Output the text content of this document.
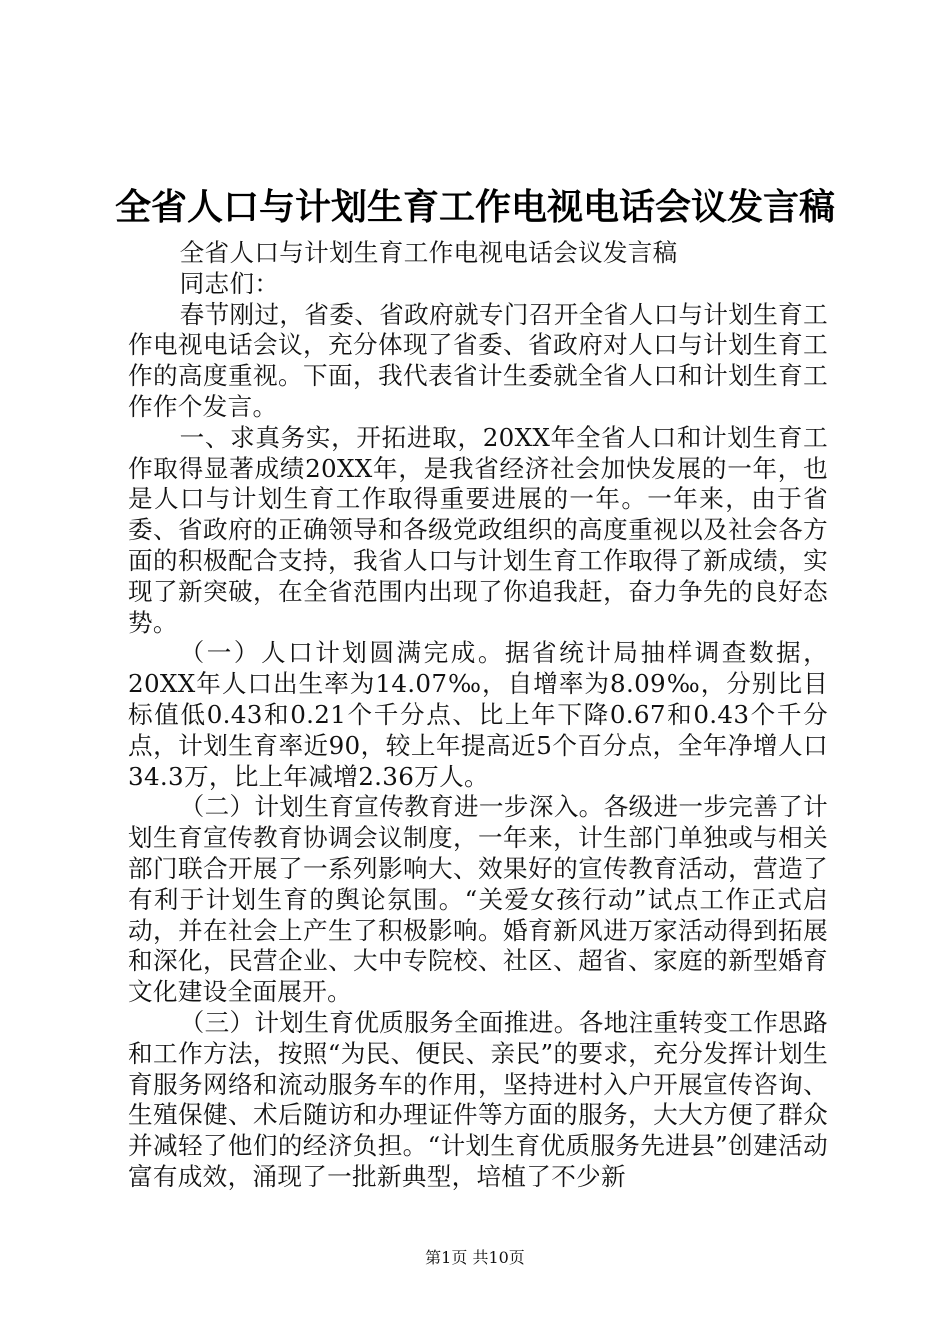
全省人口与计划生育工作电视电话会议发言稿

全省人口与计划生育工作电视电话会议发言稿

同志们：

春节刚过，省委、省政府就专门召开全省人口与计划生育工作电视电话会议，充分体现了省委、省政府对人口与计划生育工作的高度重视。下面，我代表省计生委就全省人口和计划生育工作作个发言。

一、求真务实，开拓进取，20XX年全省人口和计划生育工作取得显著成绩20XX年，是我省经济社会加快发展的一年，也是人口与计划生育工作取得重要进展的一年。一年来，由于省委、省政府的正确领导和各级党政组织的高度重视以及社会各方面的积极配合支持，我省人口与计划生育工作取得了新成绩，实现了新突破，在全省范围内出现了你追我赶，奋力争先的良好态势。

（一）人口计划圆满完成。据省统计局抽样调查数据，20XX年人口出生率为14.07‰，自增率为8.09‰，分别比目标值低0.43和0.21个千分点、比上年下降0.67和0.43个千分点，计划生育率近90，较上年提高近5个百分点，全年净增人口34.3万，比上年减增2.36万人。

（二）计划生育宣传教育进一步深入。各级进一步完善了计划生育宣传教育协调会议制度，一年来，计生部门单独或与相关部门联合开展了一系列影响大、效果好的宣传教育活动，营造了有利于计划生育的舆论氛围。“关爱女孩行动”试点工作正式启动，并在社会上产生了积极影响。婚育新风进万家活动得到拓展和深化，民营企业、大中专院校、社区、超省、家庭的新型婚育文化建设全面展开。

（三）计划生育优质服务全面推进。各地注重转变工作思路和工作方法，按照“为民、便民、亲民”的要求，充分发挥计划生育服务网络和流动服务车的作用，坚持进村入户开展宣传咨询、生殖保健、术后随访和办理证件等方面的服务，大大方便了群众并减轻了他们的经济负担。“计划生育优质服务先进县”创建活动富有成效，涌现了一批新典型，培植了不少新

第1页 共10页
